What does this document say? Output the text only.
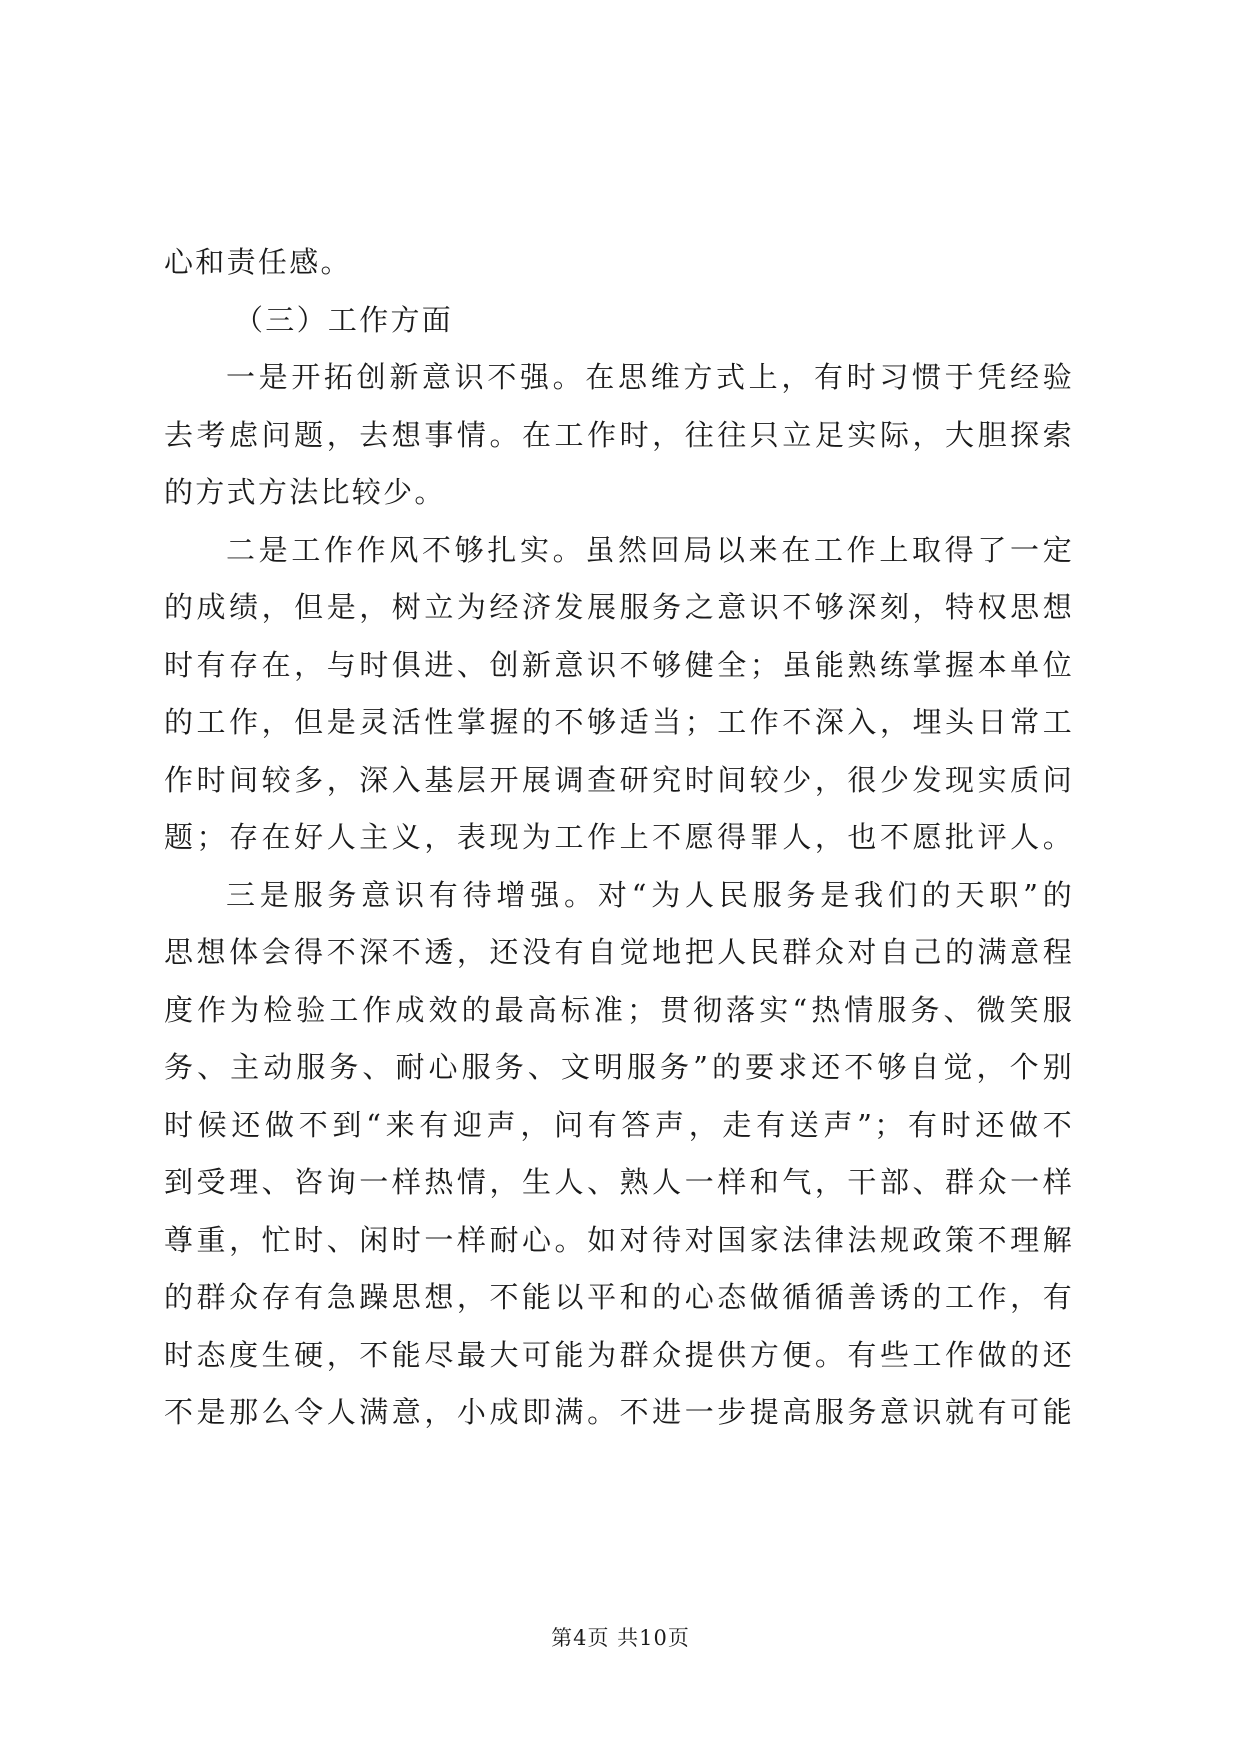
心和责任感。
（三）工作方面
一是开拓创新意识不强。在思维方式上，有时习惯于凭经验
去考虑问题，去想事情。在工作时，往往只立足实际，大胆探索
的方式方法比较少。
二是工作作风不够扎实。虽然回局以来在工作上取得了一定
的成绩，但是，树立为经济发展服务之意识不够深刻，特权思想
时有存在，与时俱进、创新意识不够健全；虽能熟练掌握本单位
的工作，但是灵活性掌握的不够适当；工作不深入，埋头日常工
作时间较多，深入基层开展调查研究时间较少，很少发现实质问
题；存在好人主义，表现为工作上不愿得罪人，也不愿批评人。
三是服务意识有待增强。对“为人民服务是我们的天职”的
思想体会得不深不透，还没有自觉地把人民群众对自己的满意程
度作为检验工作成效的最高标准；贯彻落实“热情服务、微笑服
务、主动服务、耐心服务、文明服务”的要求还不够自觉，个别
时候还做不到“来有迎声，问有答声，走有送声”；有时还做不
到受理、咨询一样热情，生人、熟人一样和气，干部、群众一样
尊重，忙时、闲时一样耐心。如对待对国家法律法规政策不理解
的群众存有急躁思想，不能以平和的心态做循循善诱的工作，有
时态度生硬，不能尽最大可能为群众提供方便。有些工作做的还
不是那么令人满意，小成即满。不进一步提高服务意识就有可能
第4页 共10页
